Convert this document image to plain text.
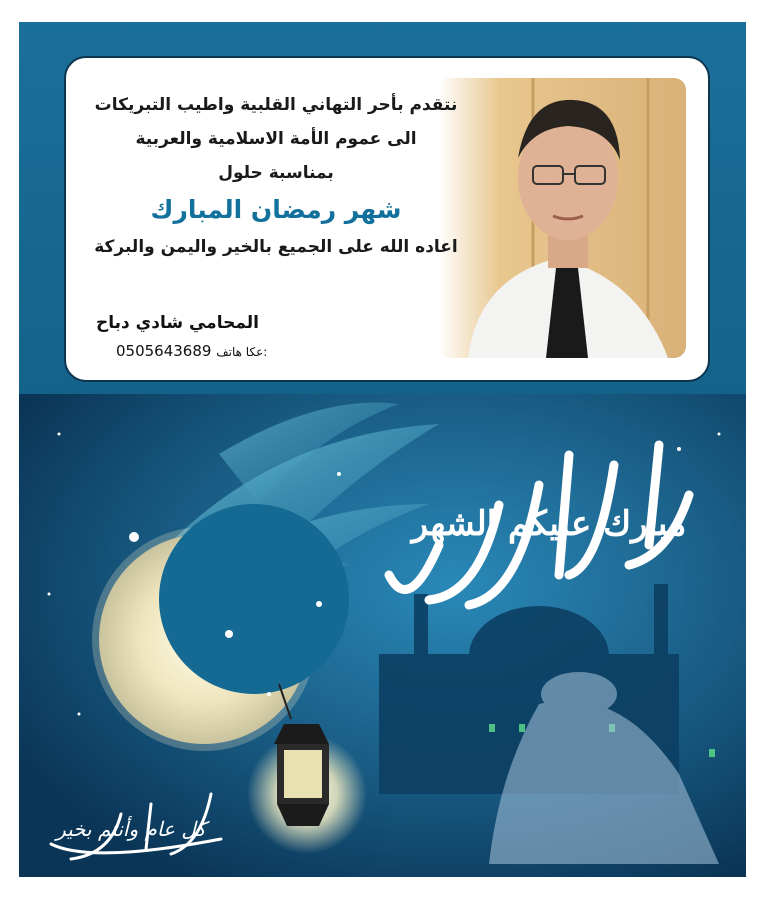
مبارك عليكم الشهر
كل عام وأنتم بخير
نتقدم بأحر التهاني القلبية واطيب التبريكات
الى عموم الأمة الاسلامية والعربية
بمناسبة حلول
شهر رمضان المبارك
اعاده الله على الجميع بالخير واليمن والبركة
المحامي شادي دباح
0505643689 عكا هاتف:
